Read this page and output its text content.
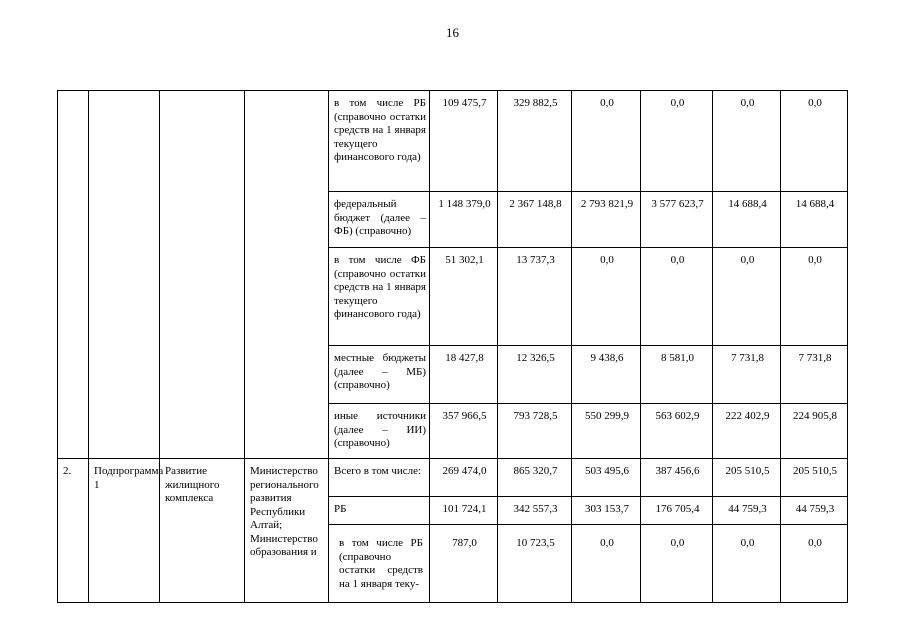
16
				в том числе РБ (справочно остатки средств на 1 января текущего финансового года)	109 475,7	329 882,5	0,0	0,0	0,0	0,0
				федеральный бюджет (далее – ФБ) (справочно)	1 148 379,0	2 367 148,8	2 793 821,9	3 577 623,7	14 688,4	14 688,4
				в том числе ФБ (справочно остатки средств на 1 января текущего финансового года)	51 302,1	13 737,3	0,0	0,0	0,0	0,0
				местные бюджеты (далее – МБ) (справочно)	18 427,8	12 326,5	9 438,6	8 581,0	7 731,8	7 731,8
				иные источники (далее – ИИ) (справочно)	357 966,5	793 728,5	550 299,9	563 602,9	222 402,9	224 905,8
2.	Подпрограмма 1	Развитие жилищного комплекса	Министерство регионального развития Республики Алтай; Министерство образования и	Всего в том числе:	269 474,0	865 320,7	503 495,6	387 456,6	205 510,5	205 510,5
				РБ	101 724,1	342 557,3	303 153,7	176 705,4	44 759,3	44 759,3

				в том числе РБ (справочно остатки средств на 1 января теку-	787,0	10 723,5	0,0	0,0	0,0	0,0
